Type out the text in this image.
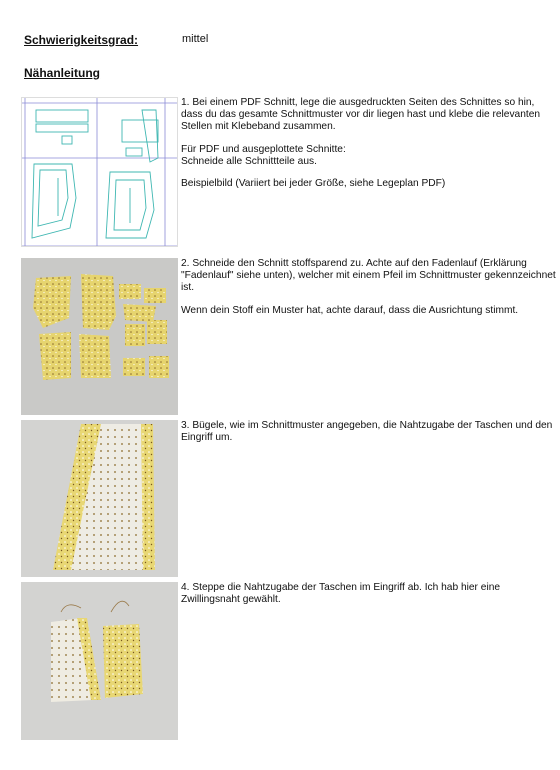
Schwierigkeitsgrad:	mittel
Nähanleitung

1. Bei einem PDF Schnitt, lege die ausgedruckten Seiten des Schnittes so hin, dass du das gesamte Schnittmuster vor dir liegen hast und klebe die relevanten Stellen mit Klebeband zusammen.

Für PDF und ausgeplottete Schnitte:
Schneide alle Schnittteile aus.

Beispielbild (Variiert bei jeder Größe, siehe Legeplan PDF)

2. Schneide den Schnitt stoffsparend zu. Achte auf den Fadenlauf (Erklärung "Fadenlauf" siehe unten), welcher mit einem Pfeil im Schnittmuster gekennzeichnet ist.

Wenn dein Stoff ein Muster hat, achte darauf, dass die Ausrichtung stimmt.

3. Bügele, wie im Schnittmuster angegeben, die Nahtzugabe der Taschen und den Eingriff um.

4. Steppe die Nahtzugabe der Taschen im Eingriff ab. Ich hab hier eine Zwillingsnaht gewählt.
